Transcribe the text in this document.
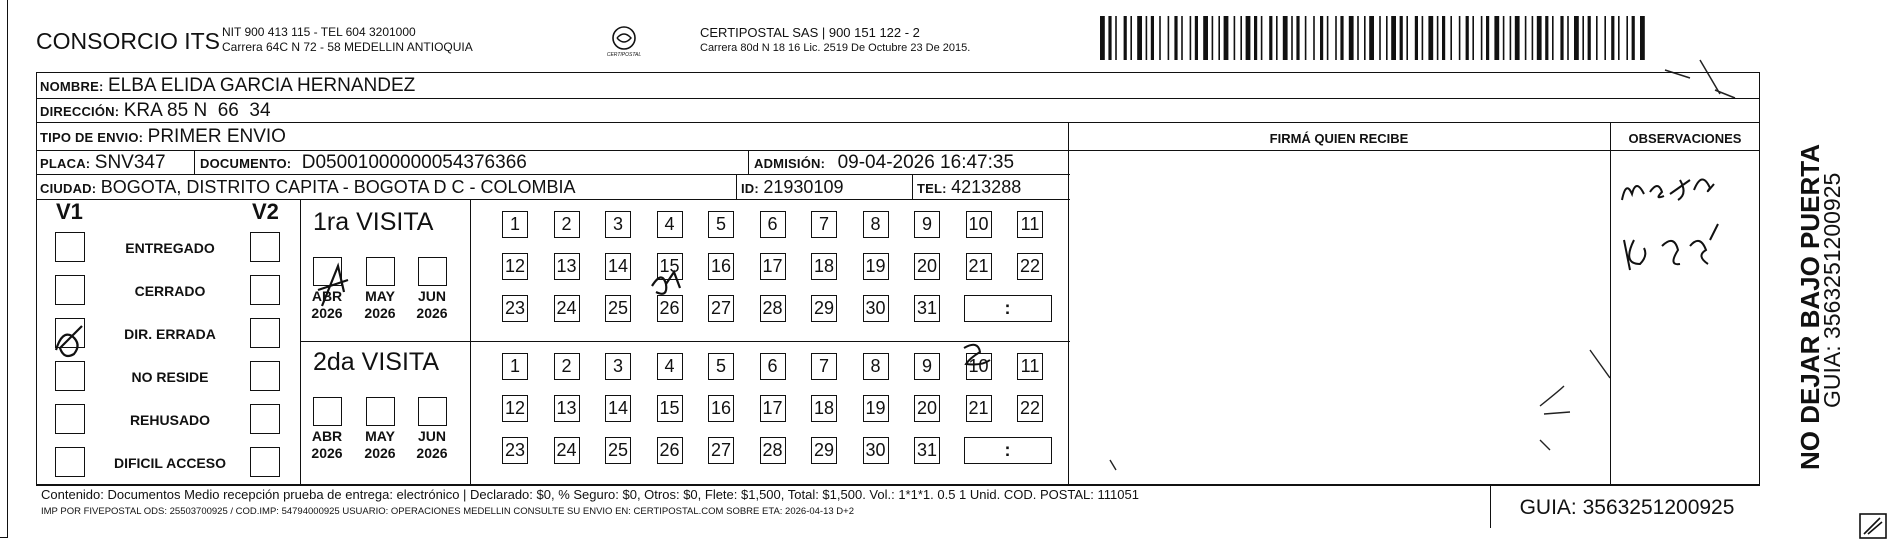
CONSORCIO ITS NIT 900 413 115 - TEL 604 3201000
Carrera 64C N 72 - 58 MEDELLIN ANTIOQUIA
CERTIPOSTAL
CERTIPOSTAL SAS | 900 151 122 - 2
Carrera 80d N 18 16 Lic. 2519 De Octubre 23 De 2015.
NOMBRE: ELBA ELIDA GARCIA HERNANDEZ
DIRECCIÓN: KRA 85 N  66  34
TIPO DE ENVIO: PRIMER ENVIO	FIRMÁ QUIEN RECIBE	OBSERVACIONES
PLACA: SNV347	DOCUMENTO: D05001000000054376366	ADMISIÓN: 09-04-2026 16:47:35
CIUDAD: BOGOTA, DISTRITO CAPITA - BOGOTA D C - COLOMBIA	ID: 21930109	TEL: 4213288
V1	V2
ENTREGADO
CERRADO
DIR. ERRADA
NO RESIDE
REHUSADO
DIFICIL ACCESO
1ra VISITA
2da VISITA
ABR
2026
MAY
2026
JUN
2026
ABR
2026
MAY
2026
JUN
2026
1	2	3	4	5	6	7	8	9	10 11
12 13 14 15 16 17 18 19 20 21 22
23 24 25 26 27 28 29 30 31	:
1	2	3	4	5	6	7	8	9	10 11
12 13 14 15 16 17 18 19 20 21 22
23 24 25 26 27 28 29 30 31	:
Contenido: Documentos Medio recepción prueba de entrega: electrónico | Declarado: $0, % Seguro: $0, Otros: $0, Flete: $1,500, Total: $1,500. Vol.: 1*1*1. 0.5 1 Unid. COD. POSTAL: 111051
IMP POR FIVEPOSTAL ODS: 25503700925 / COD.IMP: 54794000925 USUARIO: OPERACIONES MEDELLIN CONSULTE SU ENVIO EN: CERTIPOSTAL.COM SOBRE ETA: 2026-04-13 D+2	GUIA: 3563251200925
NO DEJAR BAJO PUERTA
GUIA: 3563251200925
